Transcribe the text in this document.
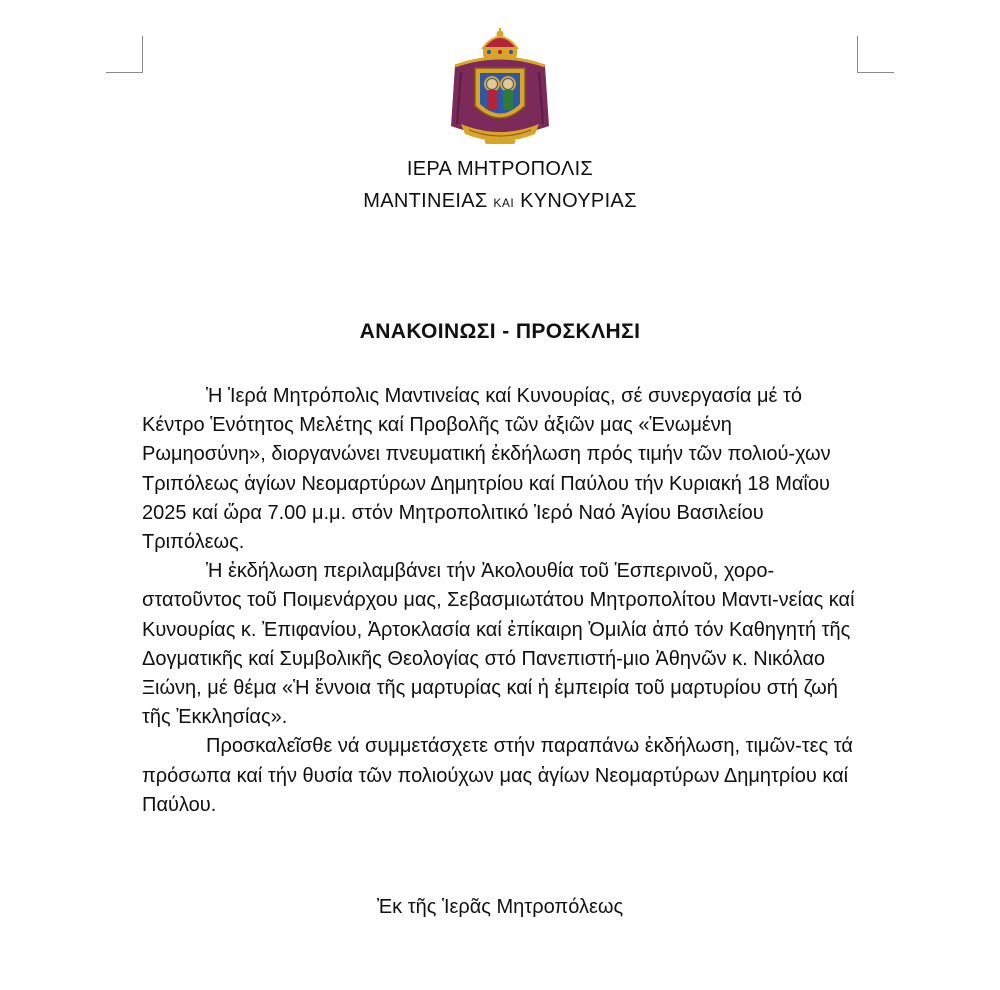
ΙΕΡΑ ΜΗΤΡΟΠΟΛΙΣ
ΜΑΝΤΙΝΕΙΑΣ ΚΑΙ ΚΥΝΟΥΡΙΑΣ
ΑΝΑΚΟΙΝΩΣΙ - ΠΡΟΣΚΛΗΣΙ

Ἡ Ἱερά Μητρόπολις Μαντινείας καί Κυνουρίας, σέ συνεργασία μέ τό Κέντρο Ἑνότητος Μελέτης καί Προβολῆς τῶν ἀξιῶν μας «Ἑνωμένη Ρωμηοσύνη», διοργανώνει πνευματική ἐκδήλωση πρός τιμήν τῶν πολιού-χων Τριπόλεως ἁγίων Νεομαρτύρων Δημητρίου καί Παύλου τήν Κυριακή 18 Μαΐου 2025 καί ὥρα 7.00 μ.μ. στόν Μητροπολιτικό Ἱερό Ναό Ἁγίου Βασιλείου Τριπόλεως.

Ἡ ἐκδήλωση περιλαμβάνει τήν Ἀκολουθία τοῦ Ἑσπερινοῦ, χορο-στατοῦντος τοῦ Ποιμενάρχου μας, Σεβασμιωτάτου Μητροπολίτου Μαντι-νείας καί Κυνουρίας κ. Ἐπιφανίου, Ἀρτοκλασία καί ἐπίκαιρη Ὁμιλία ἀπό τόν Καθηγητή τῆς Δογματικῆς καί Συμβολικῆς Θεολογίας στό Πανεπιστή-μιο Ἀθηνῶν κ. Νικόλαο Ξιώνη, μέ θέμα «Ἡ ἔννοια τῆς μαρτυρίας καί ἡ ἐμπειρία τοῦ μαρτυρίου στή ζωή τῆς Ἐκκλησίας».

Προσκαλεῖσθε νά συμμετάσχετε στήν παραπάνω ἐκδήλωση, τιμῶν-τες τά πρόσωπα καί τήν θυσία τῶν πολιούχων μας ἁγίων Νεομαρτύρων Δημητρίου καί Παύλου.

Ἐκ τῆς Ἱερᾶς Μητροπόλεως
